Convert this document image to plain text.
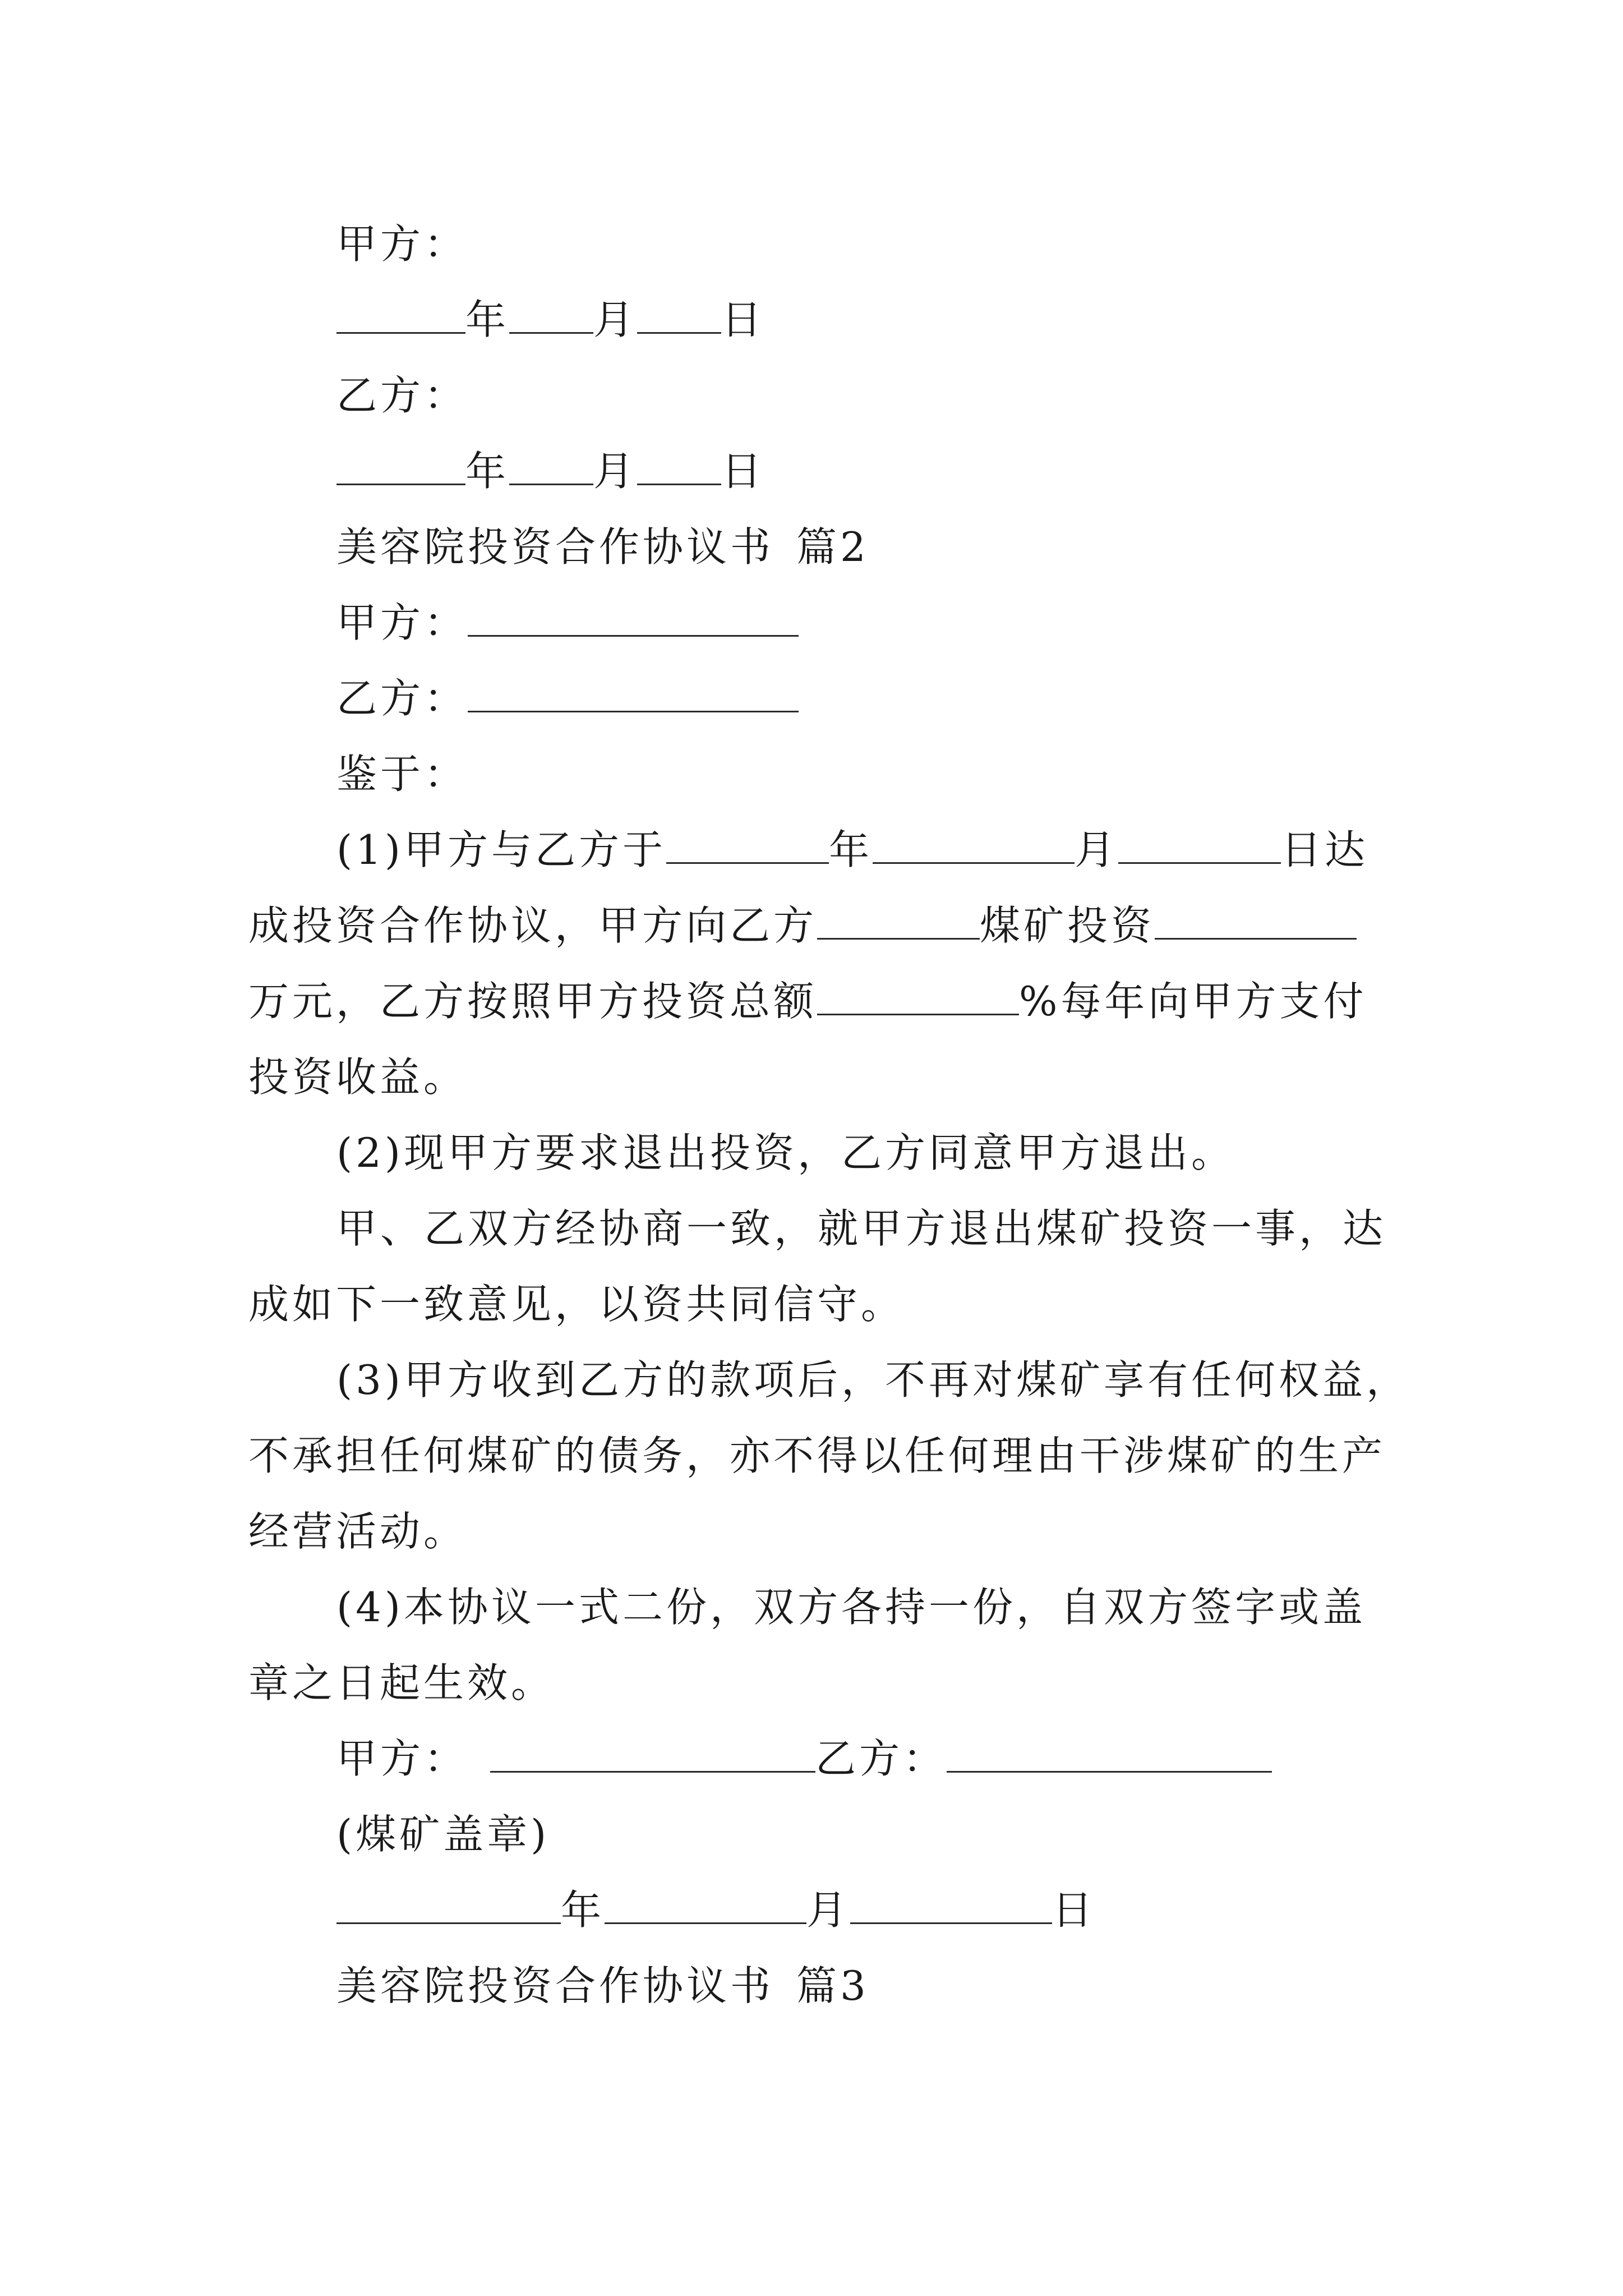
甲方：
年 月 日
乙方：
年 月 日
美容院投资合作协议书 篇2
甲方：
乙方：
鉴于：
(1)甲方与乙方于	年	月	日达
成投资合作协议，甲方向乙方	煤矿投资
万元，乙方按照甲方投资总额	%每年向甲方支付
投资收益。
(2)现甲方要求退出投资，乙方同意甲方退出。
甲、乙双方经协商一致，就甲方退出煤矿投资一事，达
成如下一致意见，以资共同信守。
(3)甲方收到乙方的款项后，不再对煤矿享有任何权益，
不承担任何煤矿的债务，亦不得以任何理由干涉煤矿的生产
经营活动。
(4)本协议一式二份，双方各持一份，自双方签字或盖
章之日起生效。
甲方：	乙方：
(煤矿盖章)
年	月	日
美容院投资合作协议书 篇3
